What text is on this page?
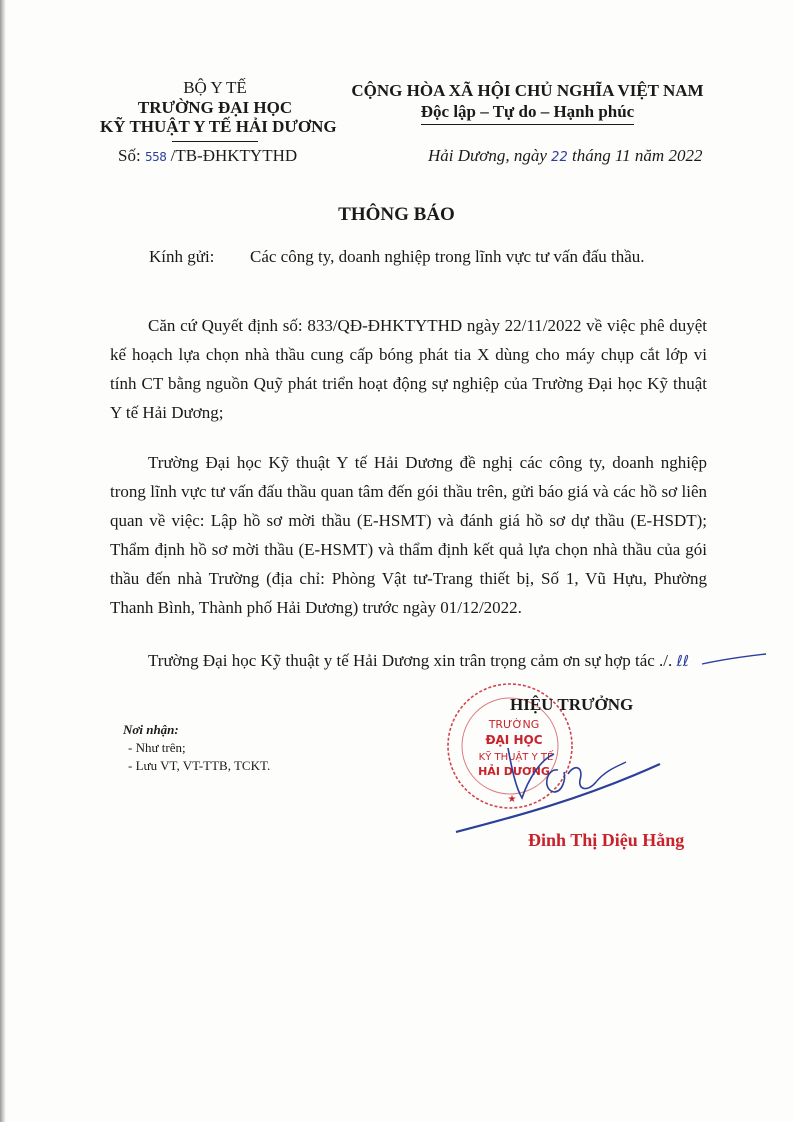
BỘ Y TẾ
TRƯỜNG ĐẠI HỌC
KỸ THUẬT Y TẾ HẢI DƯƠNG
CỘNG HÒA XÃ HỘI CHỦ NGHĨA VIỆT NAM
Độc lập – Tự do – Hạnh phúc
Số: 558 /TB-ĐHKTYTHD	Hải Dương, ngày 22 tháng 11 năm 2022
THÔNG BÁO
Kính gửi: Các công ty, doanh nghiệp trong lĩnh vực tư vấn đấu thầu.
Căn cứ Quyết định số: 833/QĐ-ĐHKTYTHD ngày 22/11/2022 về việc phê duyệt kế hoạch lựa chọn nhà thầu cung cấp bóng phát tia X dùng cho máy chụp cắt lớp vi tính CT bằng nguồn Quỹ phát triển hoạt động sự nghiệp của Trường Đại học Kỹ thuật Y tế Hải Dương;
Trường Đại học Kỹ thuật Y tế Hải Dương đề nghị các công ty, doanh nghiệp trong lĩnh vực tư vấn đấu thầu quan tâm đến gói thầu trên, gửi báo giá và các hồ sơ liên quan về việc: Lập hồ sơ mời thầu (E-HSMT) và đánh giá hồ sơ dự thầu (E-HSDT); Thẩm định hồ sơ mời thầu (E-HSMT) và thẩm định kết quả lựa chọn nhà thầu của gói thầu đến nhà Trường (địa chỉ: Phòng Vật tư-Trang thiết bị, Số 1, Vũ Hựu, Phường Thanh Bình, Thành phố Hải Dương) trước ngày 01/12/2022.
Trường Đại học Kỹ thuật y tế Hải Dương xin trân trọng cảm ơn sự hợp tác ./. ℓℓ
TRƯỜNG
ĐẠI HỌC
KỸ THUẬT Y TẾ
HẢI DƯƠNG
★
HIỆU TRƯỞNG
Nơi nhận:
- Như trên;
- Lưu VT, VT-TTB, TCKT.
Đinh Thị Diệu Hằng
